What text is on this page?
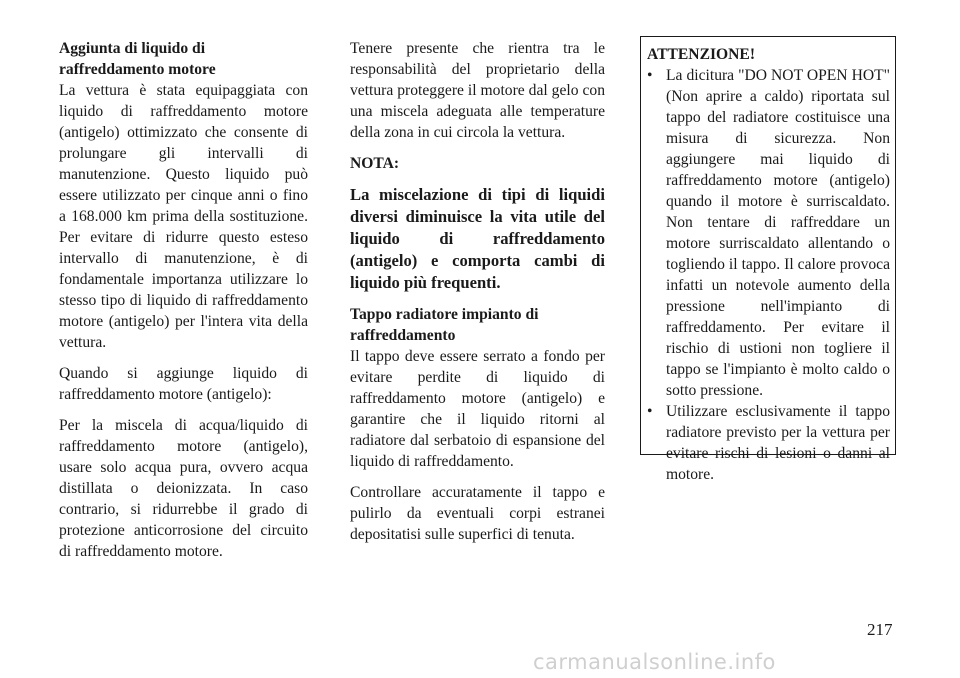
Aggiunta di liquido di raffreddamento motore

La vettura è stata equipaggiata con liquido di raffreddamento motore (antigelo) ottimizzato che consente di prolungare gli intervalli di manutenzione. Questo liquido può essere utilizzato per cinque anni o fino a 168.000 km prima della sostituzione. Per evitare di ridurre questo esteso intervallo di manutenzione, è di fondamentale importanza utilizzare lo stesso tipo di liquido di raffreddamento motore (antigelo) per l'intera vita della vettura.

Quando si aggiunge liquido di raffreddamento motore (antigelo):

Per la miscela di acqua/liquido di raffreddamento motore (antigelo), usare solo acqua pura, ovvero acqua distillata o deionizzata. In caso contrario, si ridurrebbe il grado di protezione anticorrosione del circuito di raffreddamento motore.

Tenere presente che rientra tra le responsabilità del proprietario della vettura proteggere il motore dal gelo con una miscela adeguata alle temperature della zona in cui circola la vettura.

NOTA:

La miscelazione di tipi di liquidi diversi diminuisce la vita utile del liquido di raffreddamento (antigelo) e comporta cambi di liquido più frequenti.

Tappo radiatore impianto di raffreddamento

Il tappo deve essere serrato a fondo per evitare perdite di liquido di raffreddamento motore (antigelo) e garantire che il liquido ritorni al radiatore dal serbatoio di espansione del liquido di raffreddamento.

Controllare accuratamente il tappo e pulirlo da eventuali corpi estranei depositatisi sulle superfici di tenuta.

ATTENZIONE!

• La dicitura "DO NOT OPEN HOT" (Non aprire a caldo) riportata sul tappo del radiatore costituisce una misura di sicurezza. Non aggiungere mai liquido di raffreddamento motore (antigelo) quando il motore è surriscaldato. Non tentare di raffreddare un motore surriscaldato allentando o togliendo il tappo. Il calore provoca infatti un notevole aumento della pressione nell'impianto di raffreddamento. Per evitare il rischio di ustioni non togliere il tappo se l'impianto è molto caldo o sotto pressione.
• Utilizzare esclusivamente il tappo radiatore previsto per la vettura per evitare rischi di lesioni o danni al motore.
217
carmanualsonline.info
